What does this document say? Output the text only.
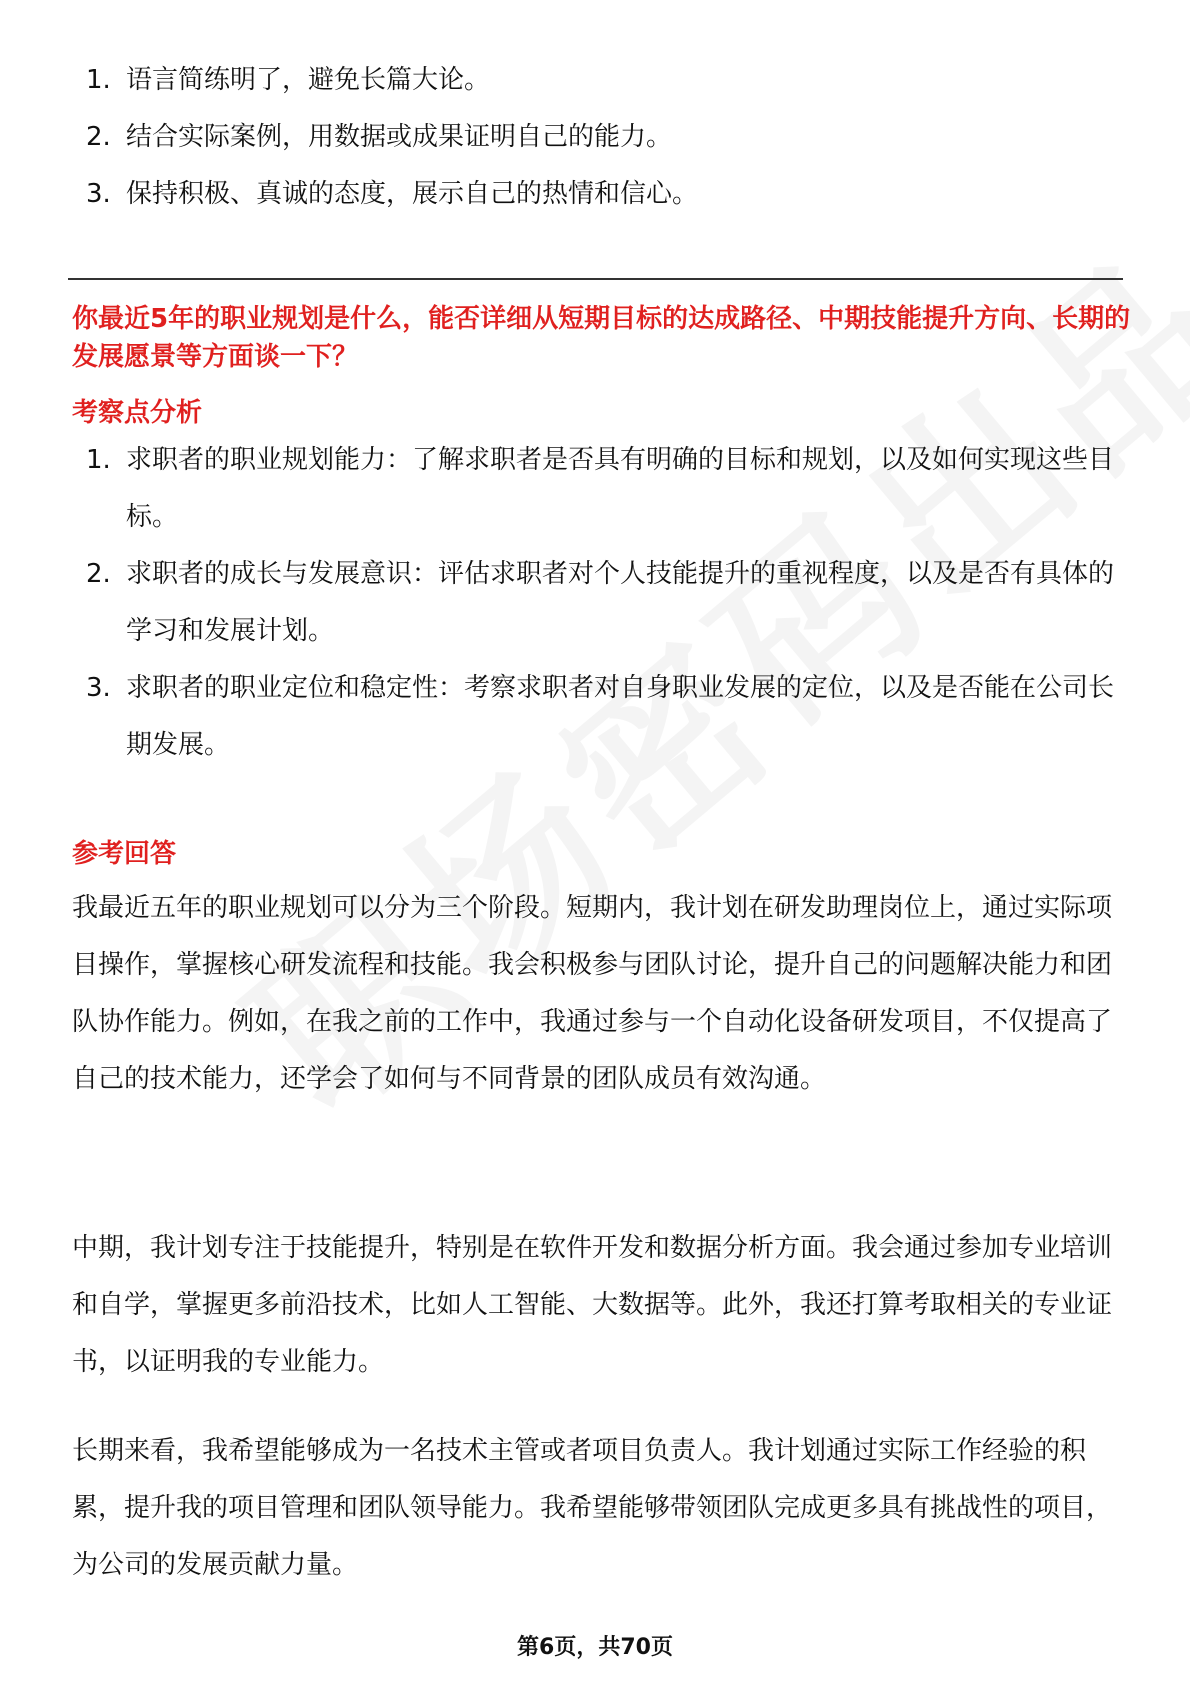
1. 语言简练明了，避免长篇大论。
2. 结合实际案例，用数据或成果证明自己的能力。
3. 保持积极、真诚的态度，展示自己的热情和信心。
你最近5年的职业规划是什么，能否详细从短期目标的达成路径、中期技能提升方向、长期的发展愿景等方面谈一下？
考察点分析
1. 求职者的职业规划能力：了解求职者是否具有明确的目标和规划，以及如何实现这些目标。
2. 求职者的成长与发展意识：评估求职者对个人技能提升的重视程度，以及是否有具体的学习和发展计划。
3. 求职者的职业定位和稳定性：考察求职者对自身职业发展的定位，以及是否能在公司长期发展。
参考回答

我最近五年的职业规划可以分为三个阶段。短期内，我计划在研发助理岗位上，通过实际项目操作，掌握核心研发流程和技能。我会积极参与团队讨论，提升自己的问题解决能力和团队协作能力。例如，在我之前的工作中，我通过参与一个自动化设备研发项目，不仅提高了自己的技术能力，还学会了如何与不同背景的团队成员有效沟通。

中期，我计划专注于技能提升，特别是在软件开发和数据分析方面。我会通过参加专业培训和自学，掌握更多前沿技术，比如人工智能、大数据等。此外，我还打算考取相关的专业证书，以证明我的专业能力。

长期来看，我希望能够成为一名技术主管或者项目负责人。我计划通过实际工作经验的积累，提升我的项目管理和团队领导能力。我希望能够带领团队完成更多具有挑战性的项目，为公司的发展贡献力量。

第6页，共70页
